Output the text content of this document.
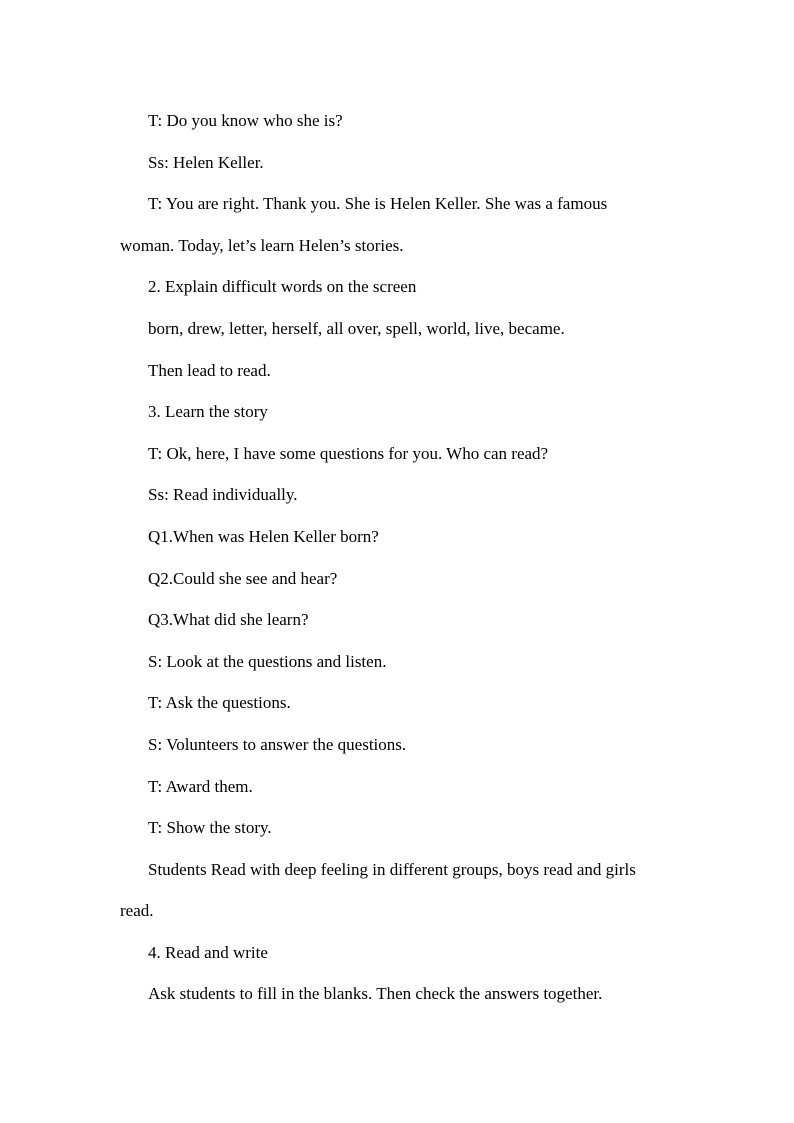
T: Do you know who she is?

Ss: Helen Keller.

T: You are right. Thank you. She is Helen Keller. She was a famous woman. Today, let’s learn Helen’s stories.

2. Explain difficult words on the screen

born, drew, letter, herself, all over, spell, world, live, became.

Then lead to read.

3. Learn the story

T: Ok, here, I have some questions for you. Who can read?

Ss: Read individually.

Q1.When was Helen Keller born?

Q2.Could she see and hear?

Q3.What did she learn?

S: Look at the questions and listen.

T: Ask the questions.

S: Volunteers to answer the questions.

T: Award them.

T: Show the story.

Students Read with deep feeling in different groups, boys read and girls read.

4. Read and write

Ask students to fill in the blanks. Then check the answers together.
